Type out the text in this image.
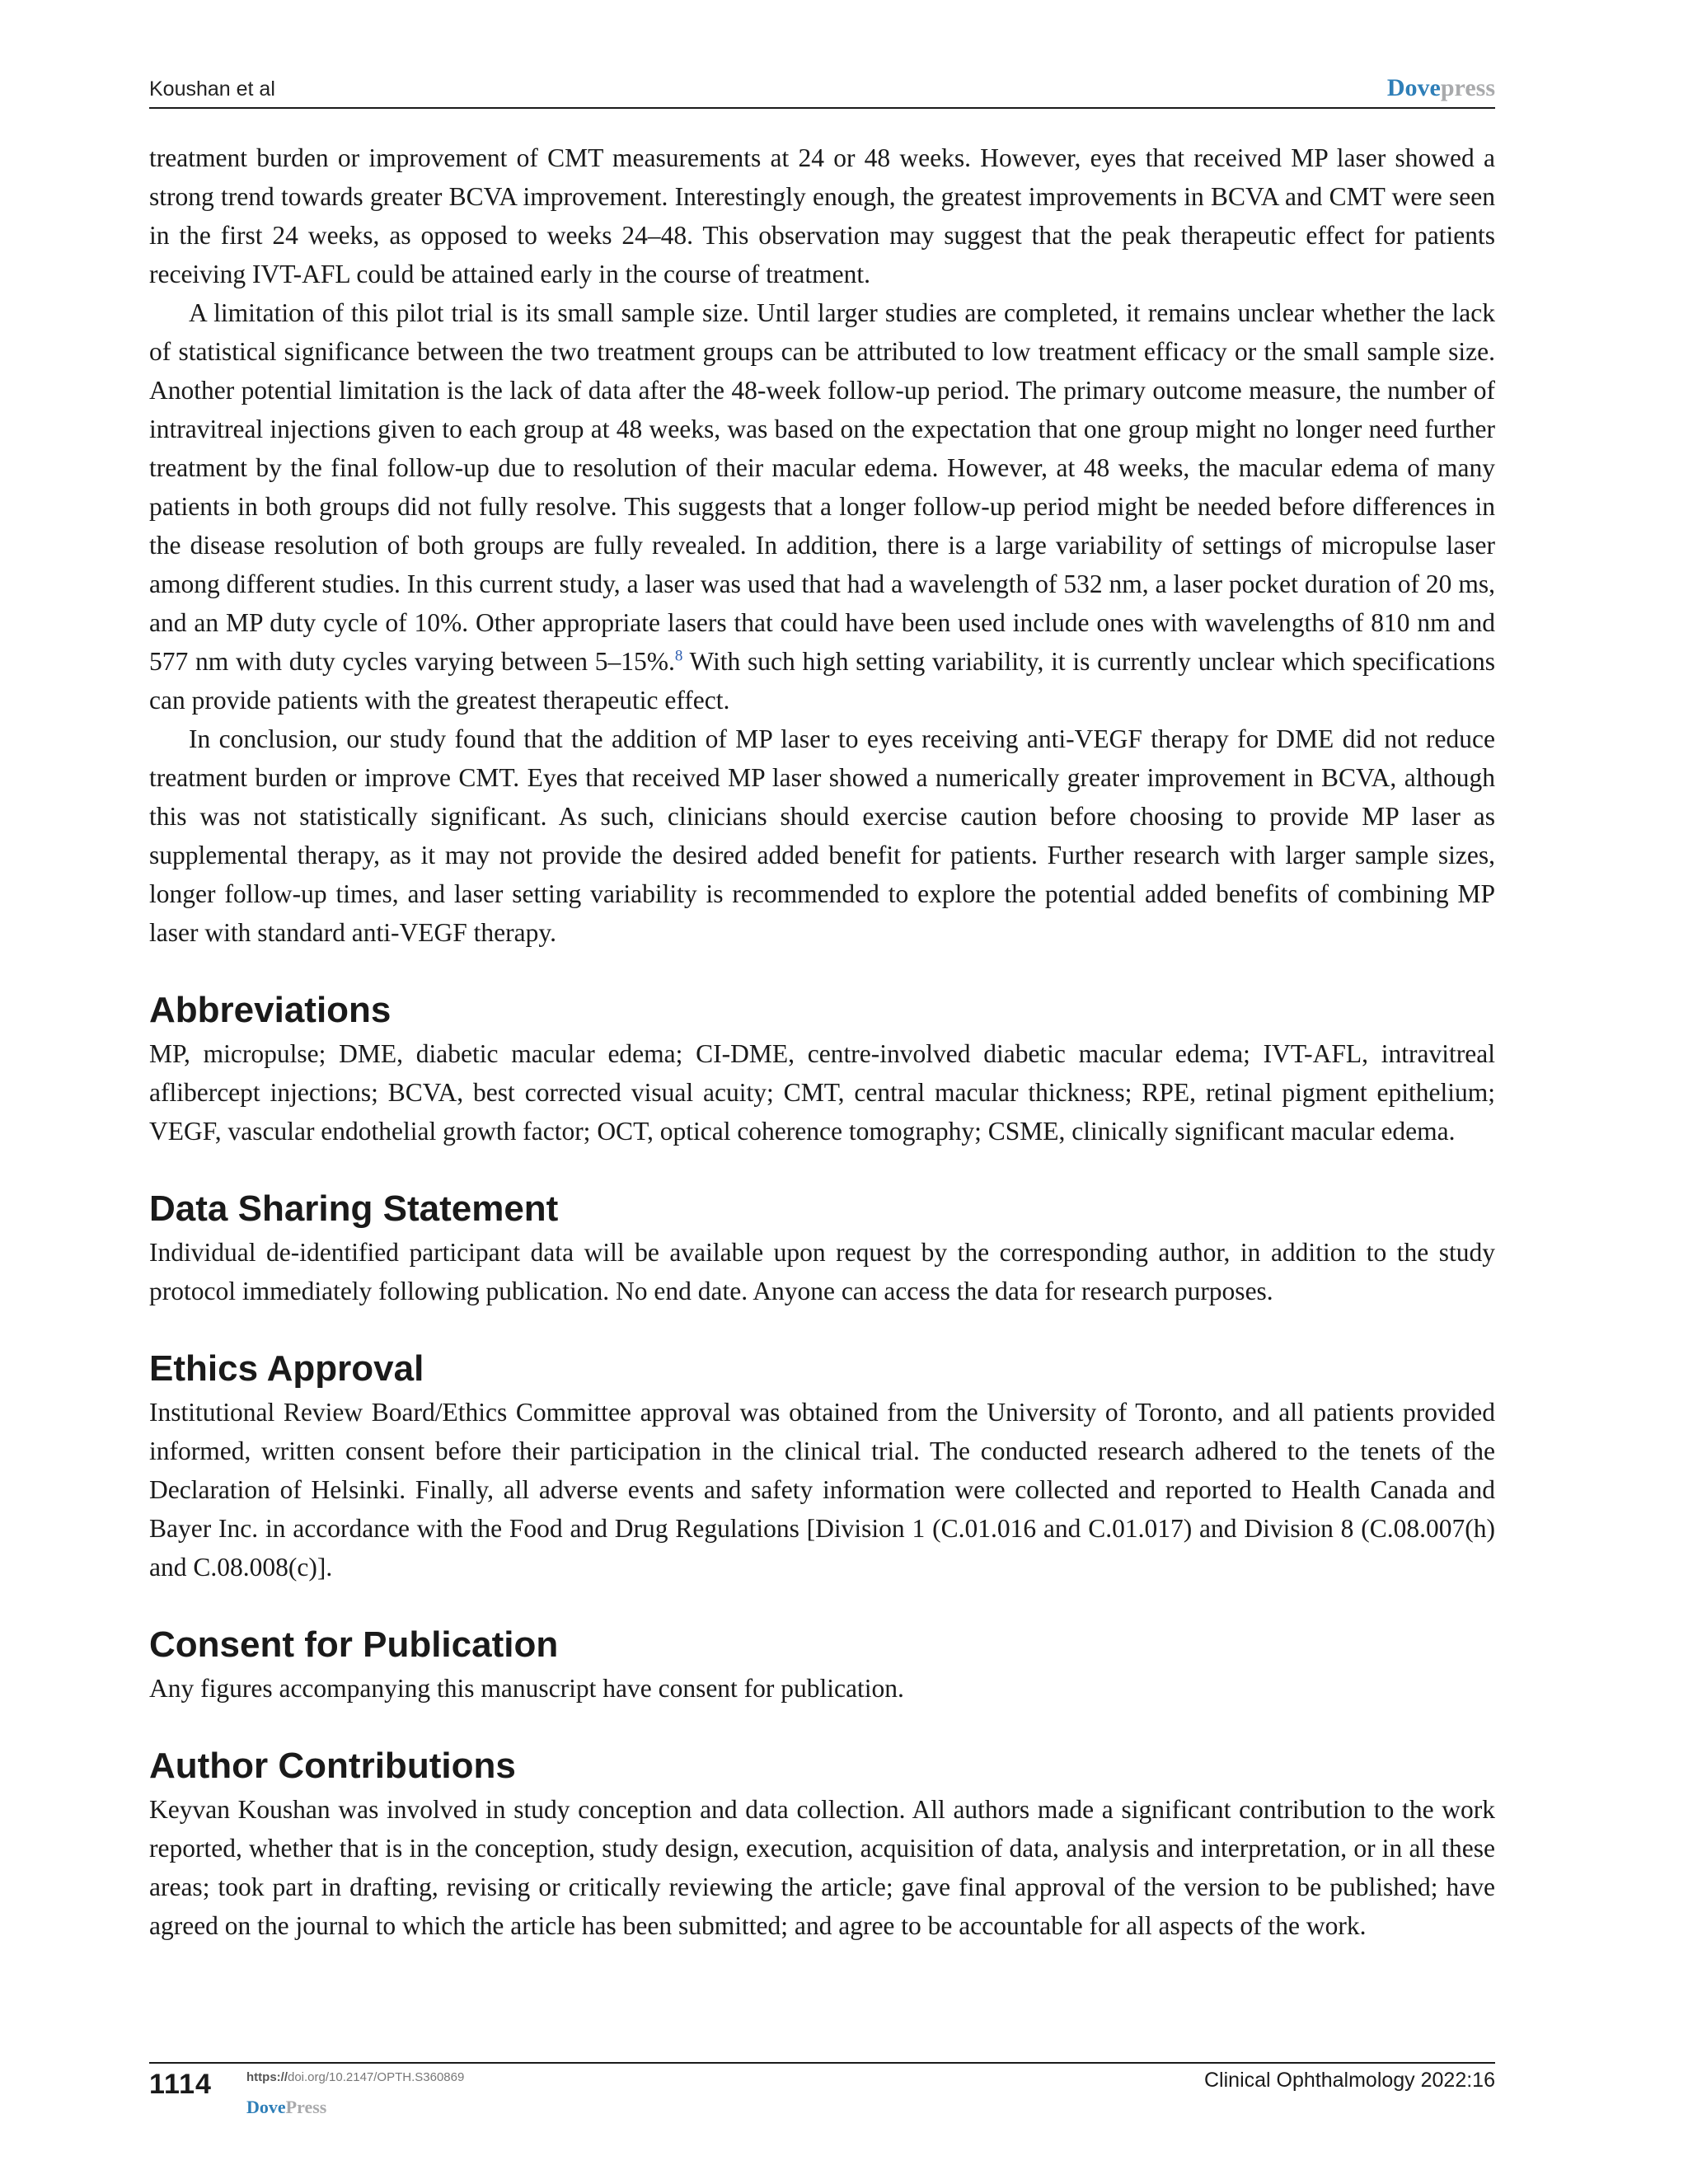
Koushan et al	Dovepress

treatment burden or improvement of CMT measurements at 24 or 48 weeks. However, eyes that received MP laser showed a strong trend towards greater BCVA improvement. Interestingly enough, the greatest improvements in BCVA and CMT were seen in the first 24 weeks, as opposed to weeks 24–48. This observation may suggest that the peak therapeutic effect for patients receiving IVT-AFL could be attained early in the course of treatment.

A limitation of this pilot trial is its small sample size. Until larger studies are completed, it remains unclear whether the lack of statistical significance between the two treatment groups can be attributed to low treatment efficacy or the small sample size. Another potential limitation is the lack of data after the 48-week follow-up period. The primary outcome measure, the number of intravitreal injections given to each group at 48 weeks, was based on the expectation that one group might no longer need further treatment by the final follow-up due to resolution of their macular edema. However, at 48 weeks, the macular edema of many patients in both groups did not fully resolve. This suggests that a longer follow-up period might be needed before differences in the disease resolution of both groups are fully revealed. In addition, there is a large variability of settings of micropulse laser among different studies. In this current study, a laser was used that had a wavelength of 532 nm, a laser pocket duration of 20 ms, and an MP duty cycle of 10%. Other appropriate lasers that could have been used include ones with wavelengths of 810 nm and 577 nm with duty cycles varying between 5–15%.$^8$ With such high setting variability, it is currently unclear which specifications can provide patients with the greatest therapeutic effect.

In conclusion, our study found that the addition of MP laser to eyes receiving anti-VEGF therapy for DME did not reduce treatment burden or improve CMT. Eyes that received MP laser showed a numerically greater improvement in BCVA, although this was not statistically significant. As such, clinicians should exercise caution before choosing to provide MP laser as supplemental therapy, as it may not provide the desired added benefit for patients. Further research with larger sample sizes, longer follow-up times, and laser setting variability is recommended to explore the potential added benefits of combining MP laser with standard anti-VEGF therapy.

Abbreviations

MP, micropulse; DME, diabetic macular edema; CI-DME, centre-involved diabetic macular edema; IVT-AFL, intravitreal aflibercept injections; BCVA, best corrected visual acuity; CMT, central macular thickness; RPE, retinal pigment epithelium; VEGF, vascular endothelial growth factor; OCT, optical coherence tomography; CSME, clinically significant macular edema.

Data Sharing Statement

Individual de-identified participant data will be available upon request by the corresponding author, in addition to the study protocol immediately following publication. No end date. Anyone can access the data for research purposes.

Ethics Approval

Institutional Review Board/Ethics Committee approval was obtained from the University of Toronto, and all patients provided informed, written consent before their participation in the clinical trial. The conducted research adhered to the tenets of the Declaration of Helsinki. Finally, all adverse events and safety information were collected and reported to Health Canada and Bayer Inc. in accordance with the Food and Drug Regulations [Division 1 (C.01.016 and C.01.017) and Division 8 (C.08.007(h) and C.08.008(c)].

Consent for Publication

Any figures accompanying this manuscript have consent for publication.

Author Contributions

Keyvan Koushan was involved in study conception and data collection. All authors made a significant contribution to the work reported, whether that is in the conception, study design, execution, acquisition of data, analysis and interpretation, or in all these areas; took part in drafting, revising or critically reviewing the article; gave final approval of the version to be published; have agreed on the journal to which the article has been submitted; and agree to be accountable for all aspects of the work.

1114	https://doi.org/10.2147/OPTH.S360869
DovePress
Clinical Ophthalmology 2022:16
